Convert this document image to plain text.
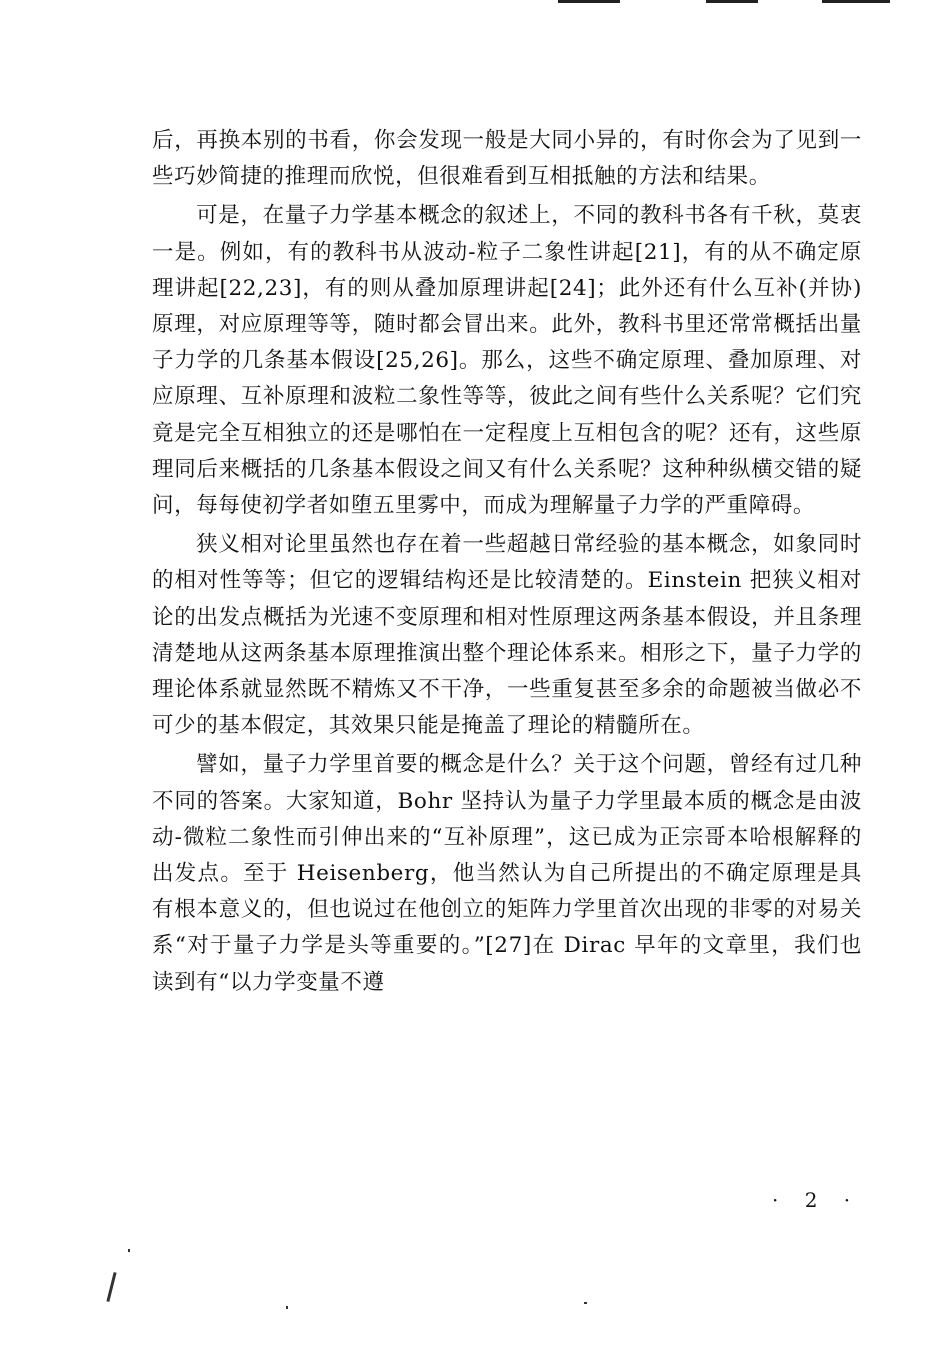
后，再换本别的书看，你会发现一般是大同小异的，有时你会为了见到一些巧妙简捷的推理而欣悦，但很难看到互相抵触的方法和结果。

可是，在量子力学基本概念的叙述上，不同的教科书各有千秋，莫衷一是。例如，有的教科书从波动-粒子二象性讲起[21]，有的从不确定原理讲起[22,23]，有的则从叠加原理讲起[24]；此外还有什么互补(并协)原理，对应原理等等，随时都会冒出来。此外，教科书里还常常概括出量子力学的几条基本假设[25,26]。那么，这些不确定原理、叠加原理、对应原理、互补原理和波粒二象性等等，彼此之间有些什么关系呢？它们究竟是完全互相独立的还是哪怕在一定程度上互相包含的呢？还有，这些原理同后来概括的几条基本假设之间又有什么关系呢？这种种纵横交错的疑问，每每使初学者如堕五里雾中，而成为理解量子力学的严重障碍。

狭义相对论里虽然也存在着一些超越日常经验的基本概念，如象同时的相对性等等；但它的逻辑结构还是比较清楚的。Einstein 把狭义相对论的出发点概括为光速不变原理和相对性原理这两条基本假设，并且条理清楚地从这两条基本原理推演出整个理论体系来。相形之下，量子力学的理论体系就显然既不精炼又不干净，一些重复甚至多余的命题被当做必不可少的基本假定，其效果只能是掩盖了理论的精髓所在。

譬如，量子力学里首要的概念是什么？关于这个问题，曾经有过几种不同的答案。大家知道，Bohr 坚持认为量子力学里最本质的概念是由波动-微粒二象性而引伸出来的“互补原理”，这已成为正宗哥本哈根解释的出发点。至于 Heisenberg，他当然认为自己所提出的不确定原理是具有根本意义的，但也说过在他创立的矩阵力学里首次出现的非零的对易关系“对于量子力学是头等重要的。”[27]在 Dirac 早年的文章里，我们也读到有“以力学变量不遵

· 2 ·
